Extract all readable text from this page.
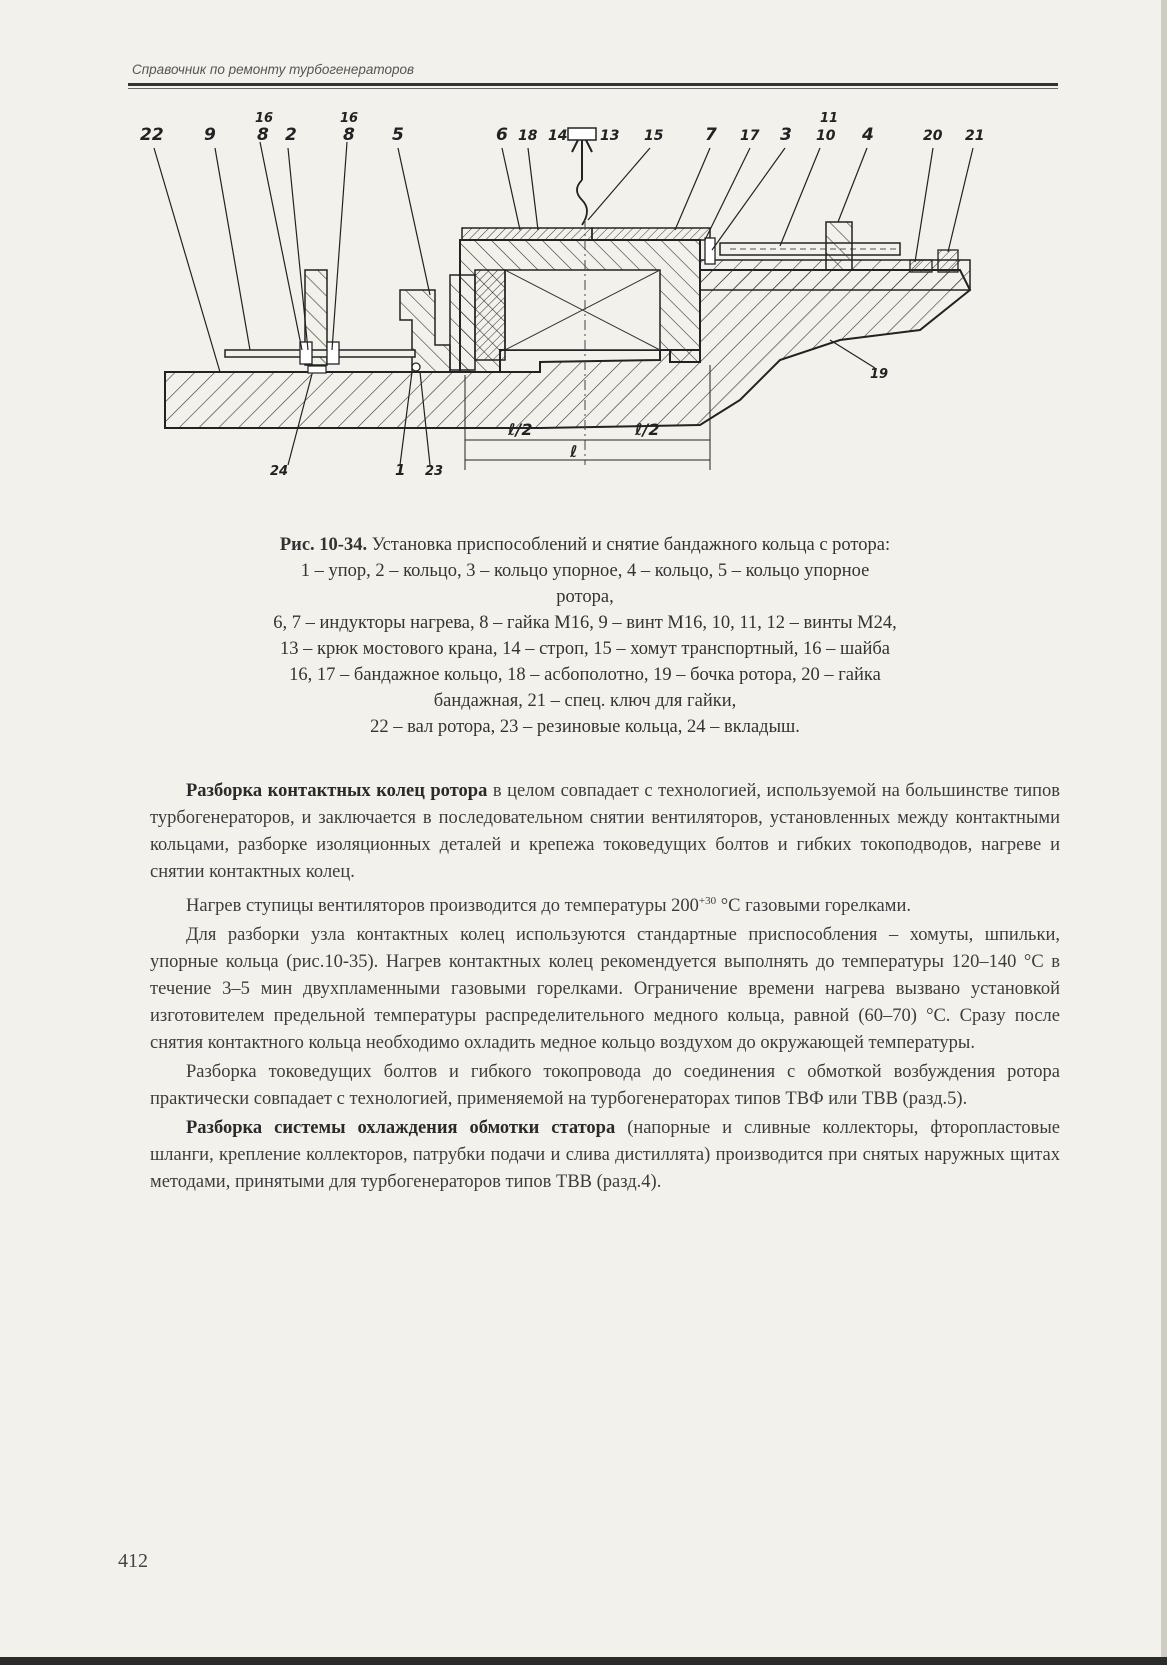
Справочник по ремонту турбогенераторов
ℓ/2	ℓ/2
ℓ
22 9
16
8 2
16
8 5	6 18 14 13 15 7 17 3
11
10 4	20 21
19
24	1 23
Рис. 10-34. Установка приспособлений и снятие бандажного кольца с ротора:
1 – упор, 2 – кольцо, 3 – кольцо упорное, 4 – кольцо, 5 – кольцо упорное
ротора,
6, 7 – индукторы нагрева, 8 – гайка М16, 9 – винт М16, 10, 11, 12 – винты М24,
13 – крюк мостового крана, 14 – строп, 15 – хомут транспортный, 16 – шайба
16, 17 – бандажное кольцо, 18 – асбополотно, 19 – бочка ротора, 20 – гайка
бандажная, 21 – спец. ключ для гайки,
22 – вал ротора, 23 – резиновые кольца, 24 – вкладыш.

Разборка контактных колец ротора в целом совпадает с технологией, используемой на большинстве типов турбогенераторов, и заключается в последовательном снятии вентиляторов, установленных между контактными кольцами, разборке изоляционных деталей и крепежа токоведущих болтов и гибких токоподводов, нагреве и снятии контактных колец.

Нагрев ступицы вентиляторов производится до температуры $200^{+30}$ °С газовыми горелками.

Для разборки узла контактных колец используются стандартные приспособления – хомуты, шпильки, упорные кольца (рис.10-35). Нагрев контактных колец рекомендуется выполнять до температуры 120–140 °С в течение 3–5 мин двухпламенными газовыми горелками. Ограничение времени нагрева вызвано установкой изготовителем предельной температуры распределительного медного кольца, равной (60–70) °С. Сразу после снятия контактного кольца необходимо охладить медное кольцо воздухом до окружающей температуры.

Разборка токоведущих болтов и гибкого токопровода до соединения с обмоткой возбуждения ротора практически совпадает с технологией, применяемой на турбогенераторах типов ТВФ или ТВВ (разд.5).

Разборка системы охлаждения обмотки статора (напорные и сливные коллекторы, фторопластовые шланги, крепление коллекторов, патрубки подачи и слива дистиллята) производится при снятых наружных щитах методами, принятыми для турбогенераторов типов ТВВ (разд.4).

412
